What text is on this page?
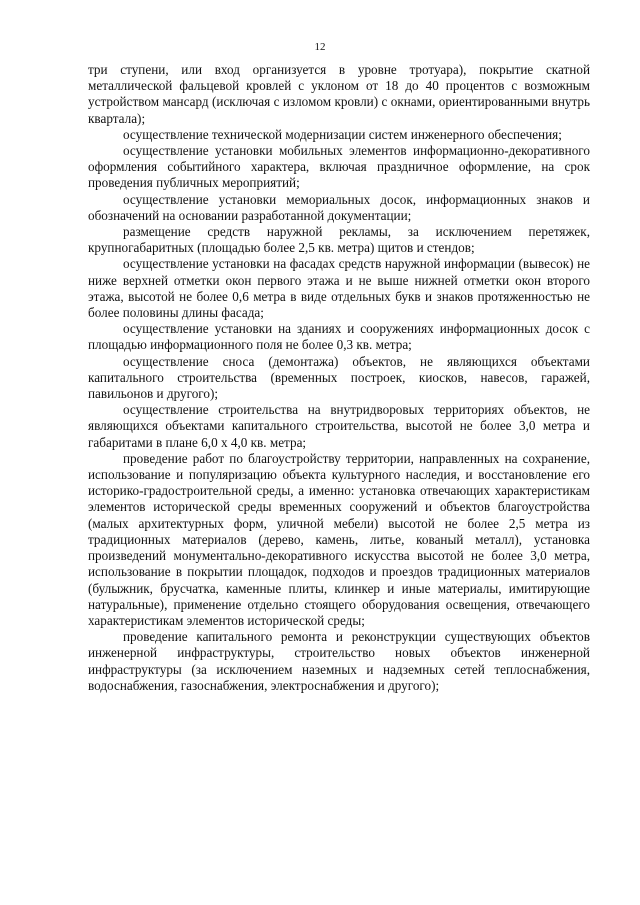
12

три ступени, или вход организуется в уровне тротуара), покрытие скатной металлической фальцевой кровлей с уклоном от 18 до 40 процентов с возможным устройством мансард (исключая с изломом кровли) с окнами, ориентированными внутрь квартала);

осуществление технической модернизации систем инженерного обеспечения;

осуществление установки мобильных элементов информационно-декоративного оформления событийного характера, включая праздничное оформление, на срок проведения публичных мероприятий;

осуществление установки мемориальных досок, информационных знаков и обозначений на основании разработанной документации;

размещение средств наружной рекламы, за исключением перетяжек, крупногабаритных (площадью более 2,5 кв. метра) щитов и стендов;

осуществление установки на фасадах средств наружной информации (вывесок) не ниже верхней отметки окон первого этажа и не выше нижней отметки окон второго этажа, высотой не более 0,6 метра в виде отдельных букв и знаков протяженностью не более половины длины фасада;

осуществление установки на зданиях и сооружениях информационных досок с площадью информационного поля не более 0,3 кв. метра;

осуществление сноса (демонтажа) объектов, не являющихся объектами капитального строительства (временных построек, киосков, навесов, гаражей, павильонов и другого);

осуществление строительства на внутридворовых территориях объектов, не являющихся объектами капитального строительства, высотой не более 3,0 метра и габаритами в плане 6,0 х 4,0 кв. метра;

проведение работ по благоустройству территории, направленных на сохранение, использование и популяризацию объекта культурного наследия, и восстановление его историко-градостроительной среды, а именно: установка отвечающих характеристикам элементов исторической среды временных сооружений и объектов благоустройства (малых архитектурных форм, уличной мебели) высотой не более 2,5 метра из традиционных материалов (дерево, камень, литье, кованый металл), установка произведений монументально-декоративного искусства высотой не более 3,0 метра, использование в покрытии площадок, подходов и проездов традиционных материалов (булыжник, брусчатка, каменные плиты, клинкер и иные материалы, имитирующие натуральные), применение отдельно стоящего оборудования освещения, отвечающего характеристикам элементов исторической среды;

проведение капитального ремонта и реконструкции существующих объектов инженерной инфраструктуры, строительство новых объектов инженерной инфраструктуры (за исключением наземных и надземных сетей теплоснабжения, водоснабжения, газоснабжения, электроснабжения и другого);
